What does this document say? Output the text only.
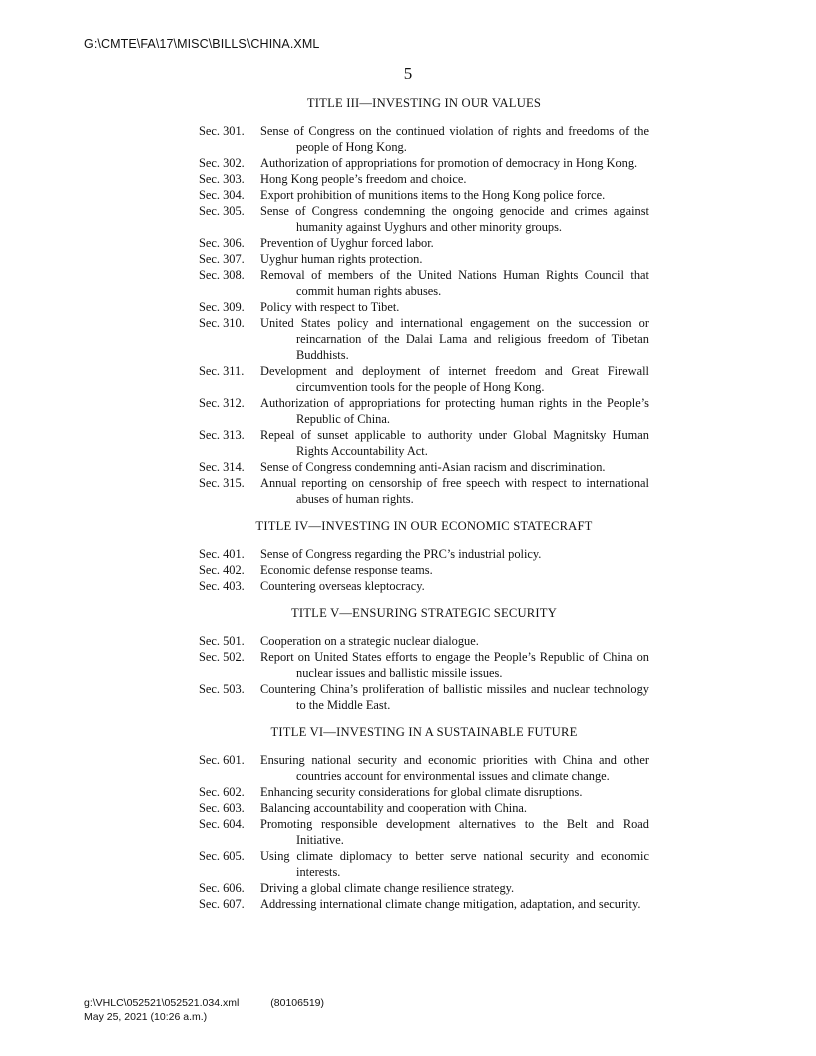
G:\CMTE\FA\17\MISC\BILLS\CHINA.XML
5
TITLE III—INVESTING IN OUR VALUES
Sec. 301.	Sense of Congress on the continued violation of rights and freedoms of the people of Hong Kong.
Sec. 302.	Authorization of appropriations for promotion of democracy in Hong Kong.
Sec. 303.	Hong Kong people’s freedom and choice.
Sec. 304.	Export prohibition of munitions items to the Hong Kong police force.
Sec. 305.	Sense of Congress condemning the ongoing genocide and crimes against humanity against Uyghurs and other minority groups.
Sec. 306.	Prevention of Uyghur forced labor.
Sec. 307.	Uyghur human rights protection.
Sec. 308.	Removal of members of the United Nations Human Rights Council that commit human rights abuses.
Sec. 309.	Policy with respect to Tibet.
Sec. 310.	United States policy and international engagement on the succession or reincarnation of the Dalai Lama and religious freedom of Tibetan Buddhists.
Sec. 311.	Development and deployment of internet freedom and Great Firewall circumvention tools for the people of Hong Kong.
Sec. 312.	Authorization of appropriations for protecting human rights in the People’s Republic of China.
Sec. 313.	Repeal of sunset applicable to authority under Global Magnitsky Human Rights Accountability Act.
Sec. 314.	Sense of Congress condemning anti-Asian racism and discrimination.
Sec. 315.	Annual reporting on censorship of free speech with respect to international abuses of human rights.
TITLE IV—INVESTING IN OUR ECONOMIC STATECRAFT
Sec. 401.	Sense of Congress regarding the PRC’s industrial policy.
Sec. 402.	Economic defense response teams.
Sec. 403.	Countering overseas kleptocracy.
TITLE V—ENSURING STRATEGIC SECURITY
Sec. 501.	Cooperation on a strategic nuclear dialogue.
Sec. 502.	Report on United States efforts to engage the People’s Republic of China on nuclear issues and ballistic missile issues.
Sec. 503.	Countering China’s proliferation of ballistic missiles and nuclear technology to the Middle East.
TITLE VI—INVESTING IN A SUSTAINABLE FUTURE
Sec. 601.	Ensuring national security and economic priorities with China and other countries account for environmental issues and climate change.
Sec. 602.	Enhancing security considerations for global climate disruptions.
Sec. 603.	Balancing accountability and cooperation with China.
Sec. 604.	Promoting responsible development alternatives to the Belt and Road Initiative.
Sec. 605.	Using climate diplomacy to better serve national security and economic interests.
Sec. 606.	Driving a global climate change resilience strategy.
Sec. 607.	Addressing international climate change mitigation, adaptation, and security.
g:\VHLC\052521\052521.034.xml	(80106519)
May 25, 2021 (10:26 a.m.)
